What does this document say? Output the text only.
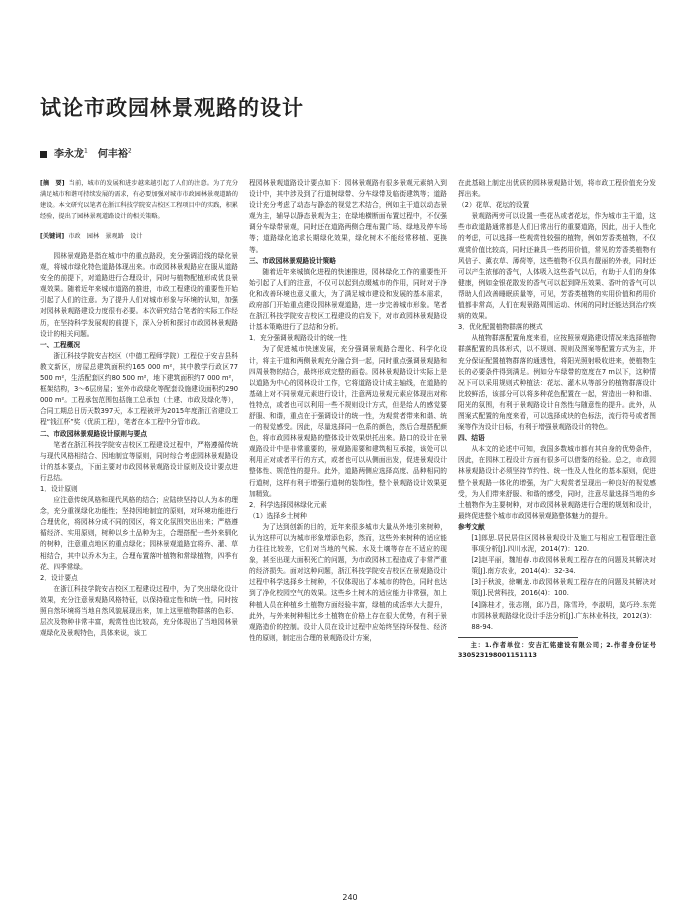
试论市政园林景观路的设计
李永龙$^1$ 何丰裕$^2$

[摘　要] 当前，城市的发展和进步越来越引起了人们的注意。为了充分满足城市和谐可持续发展的需求，有必要加强对城市市政园林景观道路的建设。本文研究以笔者在浙江科技学院安吉校区工程项目中的实践，积累经验，提出了园林景观道路设计的相关策略。

[关键词] 市政　园林　景观路　设计

园林景观路是指在城市中的重点路段，充分强调沿线的绿化景观，将城市绿化特色道路体现出来。市政园林景观路应在服从道路安全的前提下，对道路进行合理设计，同时与植物配植形成优良景观效果。随着近年来城市道路的推进，市政工程建设的重要性开始引起了人们的注意。为了提升人们对城市形象与环境的认知，加强对园林景观路建设力度很有必要。本次研究结合笔者的实际工作经历，在坚持科学发展观的前提下，深入分析和探讨市政园林景观路设计的相关问题。

一、工程概况

浙江科技学院安吉校区（中德工程师学院）工程位于安吉县科教文新区，房屋总建筑面积约165 000 m²，其中教学行政区77 500 m²，生活配套区约80 500 m²，地下建筑面积约7 000 m²，框架结构，3～6层房屋；室外市政绿化等配套设施建设面积约290 000 m²。工程承包范围包括施工总承包（土建、市政及绿化等），合同工期总日历天数397天，本工程被评为2015年度浙江省建设工程“钱江杯”奖（优质工程），笔者在本工程中分管市政。

二、市政园林景观路设计原则与要点

笔者在浙江科技学院安吉校区工程建设过程中，严格遵循传统与现代风格相结合、因地制宜等原则，同时综合考虑园林景观路设计的基本要点，下面主要对市政园林景观路设计原则及设计要点进行总结。

1．设计原则

应注意传统风格和现代风格的结合；应陆续坚持以人为本的理念，充分重视绿化功能性；坚持因地制宜的原则，对环境功能进行合理优化，将园林分成不同的园区，将文化氛围突出出来；严格遵循经济、实用原则，树种以乡土品种为主，合理搭配一些外来驯化的树种，注意重点地区的重点绿化；园林景观道路宜将乔、灌、草相结合，其中以乔木为主，合理布置落叶植物和常绿植物，四季有花、四季常绿。

2．设计要点

在浙江科技学院安吉校区工程建设过程中，为了突出绿化设计效果，充分注意景观路风格特征，以保持稳定性和统一性，同时按照自然环境将当地自然风貌展现出来，加上这里植物群落的色彩、层次及物种非常丰富，观赏性也比较高，充分体现出了当地园林景观绿化及景观特色，具体来说，该工

程园林景观道路设计要点如下：园林景观路有很多景观元素纳入到设计中，其中涉及到了行道树绿带、分车绿带及临街建筑等；道路设计充分考虑了动态与静态的视觉艺术结合，例如主干道以动态景观为主，辅导以静态景观为主；在绿地横断面布置过程中，不仅强调分车绿带景观，同时还在道路两侧合理布置广场、绿地及停车场等；道路绿化追求长期绿化效果，绿化树木不能经常移植、更换等。

三、市政园林景观路设计策略

随着近年来城镇化进程的快速推进，园林绿化工作的重要性开始引起了人们的注意，不仅可以起到点缀城市的作用，同时对于净化和改善环境也意义重大，为了满足城市建设和发展的基本需求，政府部门开始重点建设园林景观道路，进一步完善城市形象。笔者在浙江科技学院安吉校区工程建设的启发下，对市政园林景观路设计基本策略进行了总结和分析。

1．充分强调景观路设计的统一性

为了促进城市快速发展，充分强调景观路合理化、科学化设计，将主干道和两侧景观充分融合到一起，同时重点强调景观路和四周景物的结合，最终形成完整的画卷。园林景观路设计实际上是以道路为中心的园林设计工作，它将道路设计成主轴线，在道路的基础上对不同景观元素进行设计，注意两边景观元素应体现出对称性特点，或者也可以利用一些不规则设计方式，但是给人的感觉要舒服、和谐，重点在于强调设计的统一性，为观赏者带来和谐、统一的视觉感受。因此，尽量选择同一色系的颜色，然后合理搭配颜色，将市政园林景观路的整体设计效果烘托出来。路口的设计在景观路设计中是非常重要的，景观路需要和建筑相互承接，该处可以利用正对或者平行的方式，或者也可以从侧面出发，促进景观设计整体性、规范性的提升。此外，道路两侧应选择高度、品种相同的行道树，这样有利于增强行道树的装饰性，整个景观路设计效果更加精致。

2．科学选择园林绿化元素

（1）选择乡土树种

为了达到创新的目的，近年来很多城市大量从外地引来树种，认为这样可以为城市形象增添色彩，然而，这些外来树种的适应能力往往比较差，它们对当地的气候、水及土壤等存在不适应的现象，甚至出现大面积死亡的问题，为市政园林工程造成了非常严重的经济损失。面对这种问题，浙江科技学院安吉校区在景观路设计过程中科学选择乡土树种，不仅体现出了本城市的特色，同时也达到了净化校园空气的效果。这些乡土树木的适应能力非常强，加上种植人员在种植乡土植物方面经验丰富，绿植的成活率大大提升，此外，与外来树种相比乡土植物在价格上存在很大优势，有利于景观路造价的控制。设计人员在设计过程中应始终坚持环保性、经济性的原则，制定出合理的景观路设计方案，

在此基础上制定出优质的园林景观路计划，将市政工程价值充分发挥出来。

（2）花草、花坛的设置

景观路两旁可以设置一些花丛或者花坛，作为城市主干道，这些市政道路通常都是人们日常出行的重要道路，因此，出于人性化的考虑，可以选择一些观赏性较强的植物，例如芳香类植物，不仅观赏价值比较高，同时还兼具一些药用价值，常见的芳香类植物有风信子、薰衣草、薄荷等，这些植物不仅具有靓丽的外表，同时还可以产生浓郁的香气，人体吸入这些香气以后，有助于人们的身体健康，例如金银花散发的香气可以起到降压效果、香叶的香气可以帮助人们改善睡眠质量等，可见，芳香类植物的实用价值和药用价值都非常高，人们在观景路周围运动、休闲的同时还能达到治疗疾病的效果。

3．优化配置植物群落的模式

从植物群落配置角度来看，应按照景观路建设情况来选择植物群落配置的具体形式，以不规则、规则及图案等配置方式为主，并充分保证配置植物群落的通透性，将阳光照射吸收进来，使植物生长的必要条件得到满足。例如分车绿带的宽度在7 m以下，这种情况下可以采用规则式种植法：花坛、灌木从等部分的植物群落设计比较鲜活，该部分可以将多种花色配置在一起，营造出一种和谐、阳光的氛围，有利于景观路设计自然性与随意性的提升。此外，从图案式配置的角度来看，可以选择成块的色标法，流行符号或者图案等作为设计目标，有利于增强景观路设计的特色。

四、结语

从本文的论述中可知，我国多数城市都有其自身的优势条件，因此，在园林工程设计方面有很多可以借鉴的经验。总之，市政园林景观路设计必须坚持节约性、统一性及人性化的基本原则，促进整个景观路一体化的增强，为广大观赏者呈现出一种良好的视觉感受，为人们带来舒服、和谐的感受，同时，注意尽量选择当地的乡土植物作为主要树种，对市政园林景观路进行合理的规划和设计，最终促进整个城市市政园林景观路整体魅力的提升。

参考文献

[1]郎思.居民居住区园林景观设计及施工与相应工程管理注意事项分析[J].四川水泥，2014(7)：120.

[2]赵平丽，魏旭春.市政园林景观工程存在的问题及其解决对策[J].南方农业，2014(4)：32-34.

[3]于秋波，徐喇龙.市政园林景观工程存在的问题及其解决对策[J].民营科技，2016(4)：100.

[4]陈桂才，张志刚，邱乃昌，陈雪玲，李淑明，莫巧玲.东莞市园林景观路绿化设计手法分析[J].广东林业科技，2012(3)：88-94.

主：1.作者单位：安吉汇铭建设有限公司；2.作者身份证号 330523198001151113

240
